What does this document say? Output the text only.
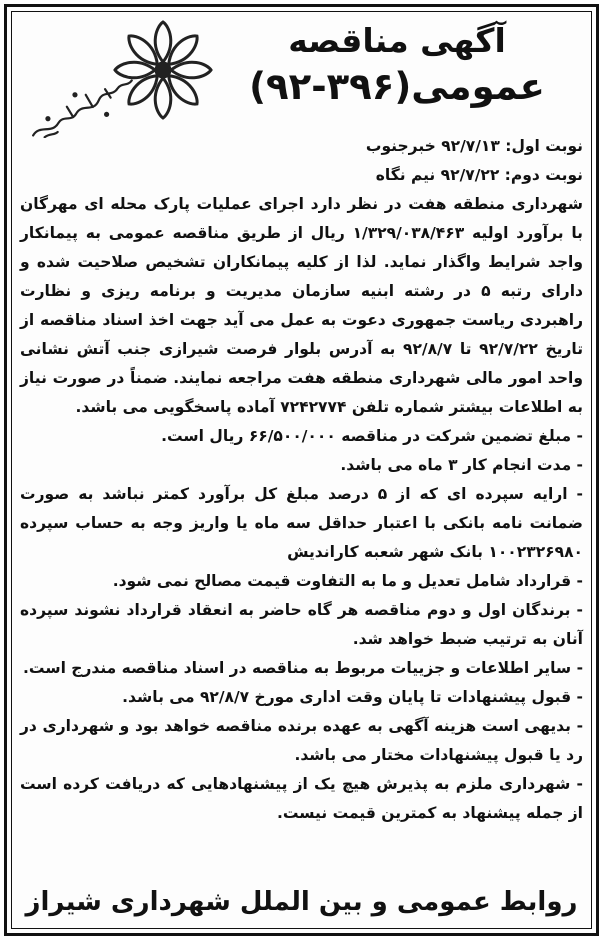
آگهی مناقصه
عمومی(۳۹۶-۹۲)

نوبت اول: ۹۲/۷/۱۳ خبرجنوب

نوبت دوم: ۹۲/۷/۲۲ نیم نگاه

شهرداری منطقه هفت در نظر دارد اجرای عملیات پارک محله ای مهرگان با برآورد اولیه ۱/۳۲۹/۰۳۸/۴۶۳ ریال از طریق مناقصه عمومی به پیمانکار واجد شرایط واگذار نماید. لذا از کلیه پیمانکاران تشخیص صلاحیت شده و دارای رتبه ۵ در رشته ابنیه سازمان مدیریت و برنامه ریزی و نظارت راهبردی ریاست جمهوری دعوت به عمل می آید جهت اخذ اسناد مناقصه از تاریخ ۹۲/۷/۲۲ تا ۹۲/۸/۷ به آدرس بلوار فرصت شیرازی جنب آتش نشانی واحد امور مالی شهرداری منطقه هفت مراجعه نمایند. ضمناً در صورت نیاز به اطلاعات بیشتر شماره تلفن ۷۲۴۲۷۷۴ آماده پاسخگویی می باشد.

- مبلغ تضمین شرکت در مناقصه ۶۶/۵۰۰/۰۰۰ ریال است.

- مدت انجام کار ۳ ماه می باشد.

- ارایه سپرده ای که از ۵ درصد مبلغ کل برآورد کمتر نباشد به صورت ضمانت نامه بانکی با اعتبار حداقل سه ماه یا واریز وجه به حساب سپرده ۱۰۰۲۳۲۶۹۸۰ بانک شهر شعبه کاراندیش

- قرارداد شامل تعدیل و ما به التفاوت قیمت مصالح نمی شود.

- برندگان اول و دوم مناقصه هر گاه حاضر به انعقاد قرارداد نشوند سپرده آنان به ترتیب ضبط خواهد شد.

- سایر اطلاعات و جزییات مربوط به مناقصه در اسناد مناقصه مندرج است.

- قبول پیشنهادات تا پایان وقت اداری مورخ ۹۲/۸/۷ می باشد.

- بدیهی است هزینه آگهی به عهده برنده مناقصه خواهد بود و شهرداری در رد یا قبول پیشنهادات مختار می باشد.

- شهرداری ملزم به پذیرش هیچ یک از پیشنهادهایی که دریافت کرده است از جمله پیشنهاد به کمترین قیمت نیست.

روابط عمومی و بین الملل شهرداری شیراز
